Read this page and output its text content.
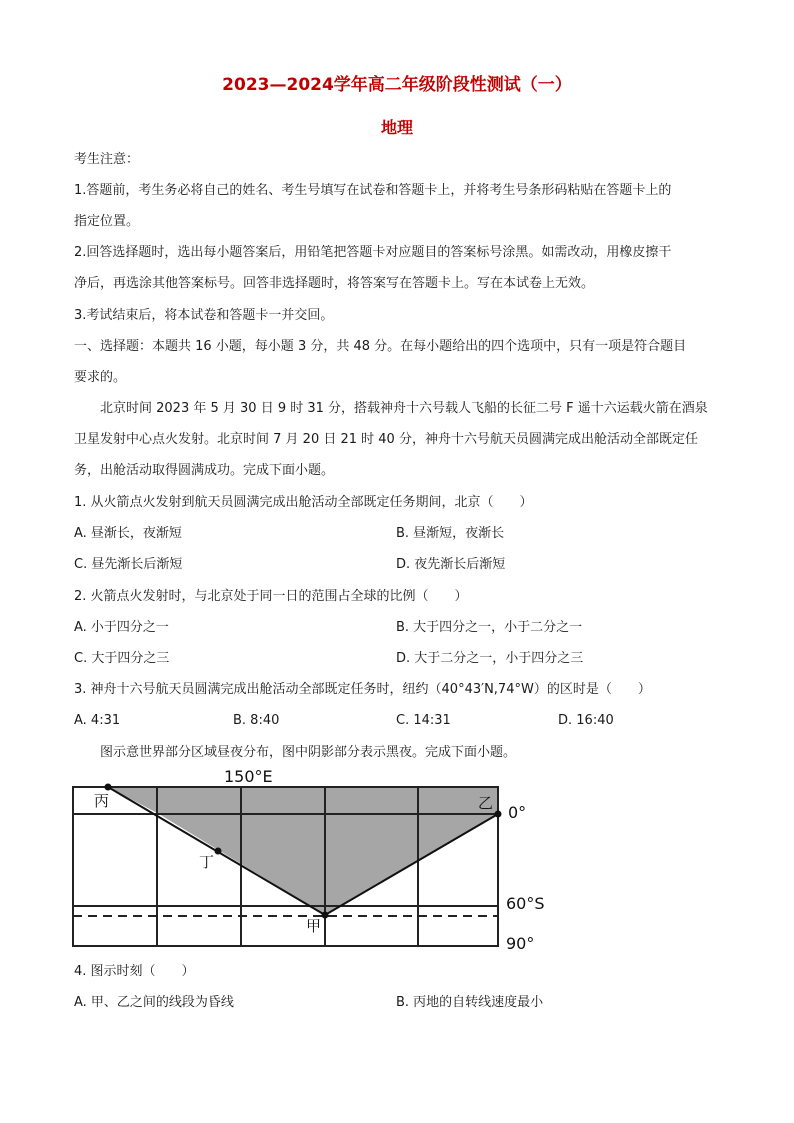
2023—2024学年高二年级阶段性测试（一）
地理

考生注意：

1.答题前，考生务必将自己的姓名、考生号填写在试卷和答题卡上，并将考生号条形码粘贴在答题卡上的

指定位置。

2.回答选择题时，选出每小题答案后，用铅笔把答题卡对应题目的答案标号涂黑。如需改动，用橡皮擦干

净后，再选涂其他答案标号。回答非选择题时，将答案写在答题卡上。写在本试卷上无效。

3.考试结束后，将本试卷和答题卡一并交回。

一、选择题：本题共 16 小题，每小题 3 分，共 48 分。在每小题给出的四个选项中，只有一项是符合题目

要求的。

北京时间 2023 年 5 月 30 日 9 时 31 分，搭载神舟十六号载人飞船的长征二号 F 遥十六运载火箭在酒泉

卫星发射中心点火发射。北京时间 7 月 20 日 21 时 40 分，神舟十六号航天员圆满完成出舱活动全部既定任

务，出舱活动取得圆满成功。完成下面小题。

1. 从火箭点火发射到航天员圆满完成出舱活动全部既定任务期间，北京（　　）

A. 昼渐长，夜渐短	B. 昼渐短，夜渐长

C. 昼先渐长后渐短	D. 夜先渐长后渐短

2. 火箭点火发射时，与北京处于同一日的范围占全球的比例（　　）

A. 小于四分之一	B. 大于四分之一，小于二分之一

C. 大于四分之三	D. 大于二分之一，小于四分之三

3. 神舟十六号航天员圆满完成出舱活动全部既定任务时，纽约（40°43′N,74°W）的区时是（　　）

A. 4:31	B. 8:40	C. 14:31	D. 16:40

图示意世界部分区域昼夜分布，图中阴影部分表示黑夜。完成下面小题。

150°E
丙	乙
丁
甲
0°
60°S
90°

4. 图示时刻（　　）

A. 甲、乙之间的线段为昏线	B. 丙地的自转线速度最小
